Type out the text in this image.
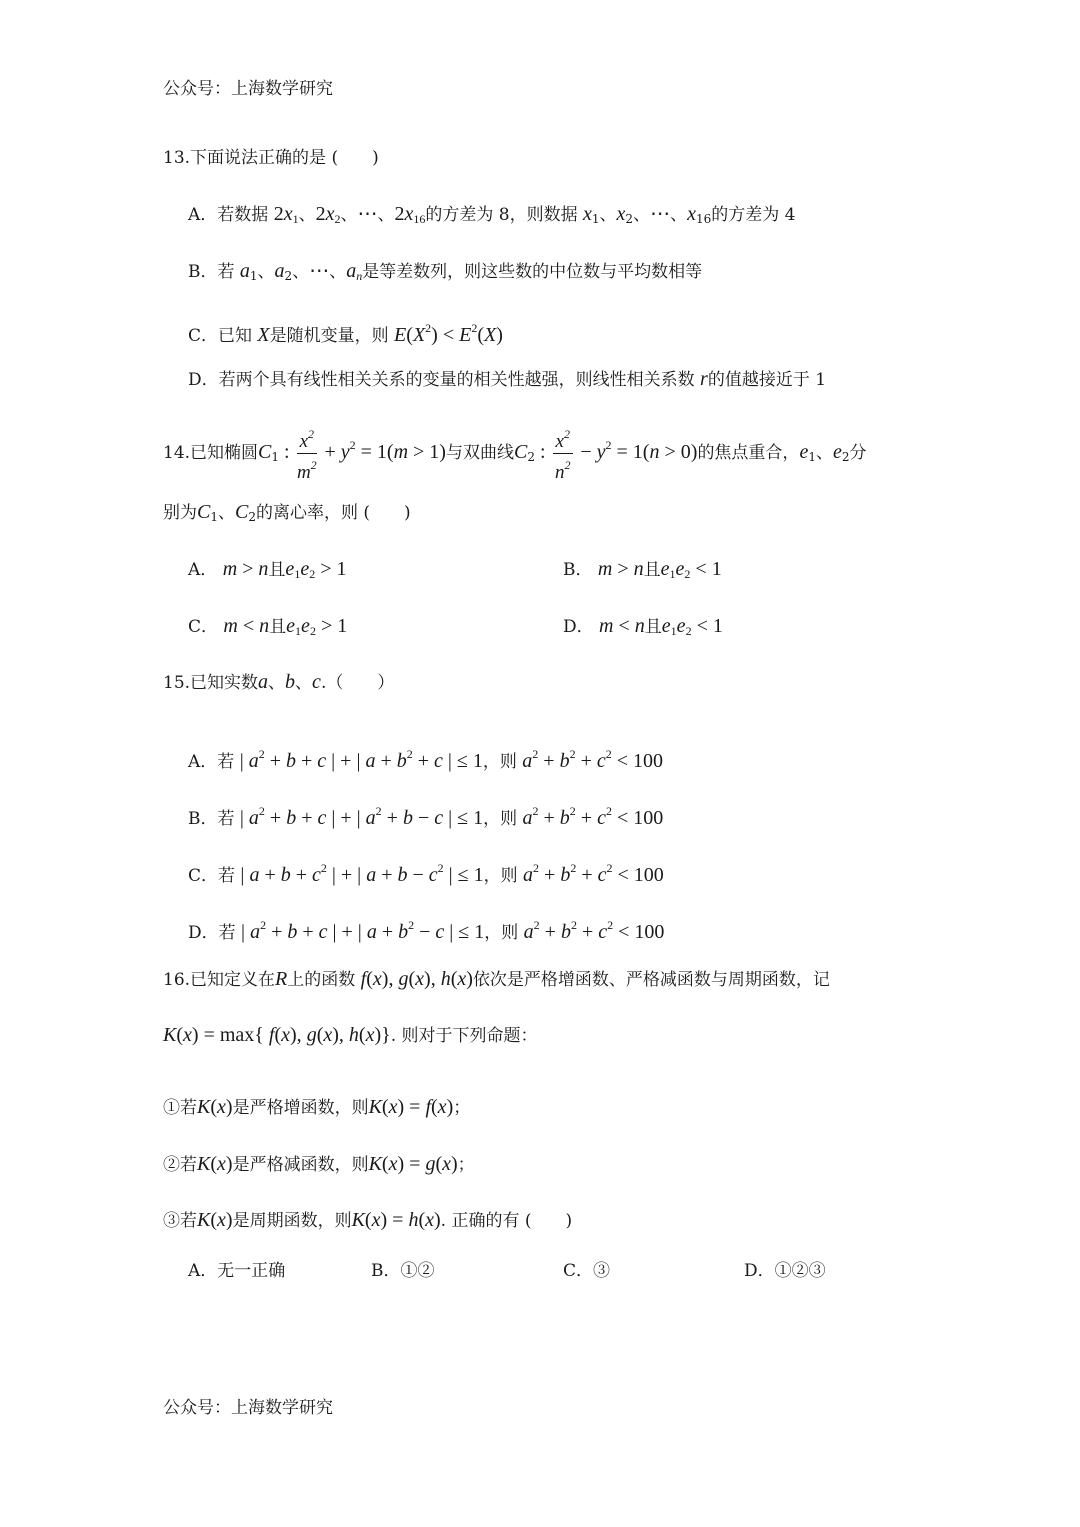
公众号：上海数学研究
13.下面说法正确的是 (　　)
A．若数据 $2x_1$、$2x_2$、⋯、$2x_{16}$的方差为 8，则数据 $x_1$、$x_2$、⋯、$x_{16}$的方差为 4
B．若 $a_1$、$a_2$、⋯、$a_n$是等差数列，则这些数的中位数与平均数相等
C．已知 X是随机变量，则 $E(X^2) < E^2(X)$
D．若两个具有线性相关关系的变量的相关性越强，则线性相关系数 r的值越接近于 1
14.已知椭圆$C_1$ : $\frac{x^2}{m^2} + y^2 = 1(m > 1)$与双曲线$C_2$ : $\frac{x^2}{n^2} - y^2 = 1(n > 0)$的焦点重合，$e_1$、$e_2$分
别为$C_1$、$C_2$的离心率，则 (　　)
A． m > n且$e_1e_2 > 1$	B． m > n且$e_1e_2 < 1$
C． m < n且$e_1e_2 > 1$	D． m < n且$e_1e_2 < 1$
15.已知实数a、b、c.（　　）
A．若 | $a^2 + b + c$ | + | $a + b^2 + c$ | ≤ 1，则 $a^2 + b^2 + c^2 < 100$
B．若 | $a^2 + b + c$ | + | $a^2 + b - c$ | ≤ 1，则 $a^2 + b^2 + c^2 < 100$
C．若 | $a + b + c^2$ | + | $a + b - c^2$ | ≤ 1，则 $a^2 + b^2 + c^2 < 100$
D．若 | $a^2 + b + c$ | + | $a + b^2 - c$ | ≤ 1，则 $a^2 + b^2 + c^2 < 100$
16.已知定义在R上的函数 f(x), g(x), h(x)依次是严格增函数、严格减函数与周期函数，记
K(x) = max{ f(x), g(x), h(x)}. 则对于下列命题：
①若K(x)是严格增函数，则K(x) = f(x)；
②若K(x)是严格减函数，则K(x) = g(x)；
③若K(x)是周期函数，则K(x) = h(x). 正确的有 (　　)
A．无一正确	B．①②	C．③	D．①②③
公众号：上海数学研究
